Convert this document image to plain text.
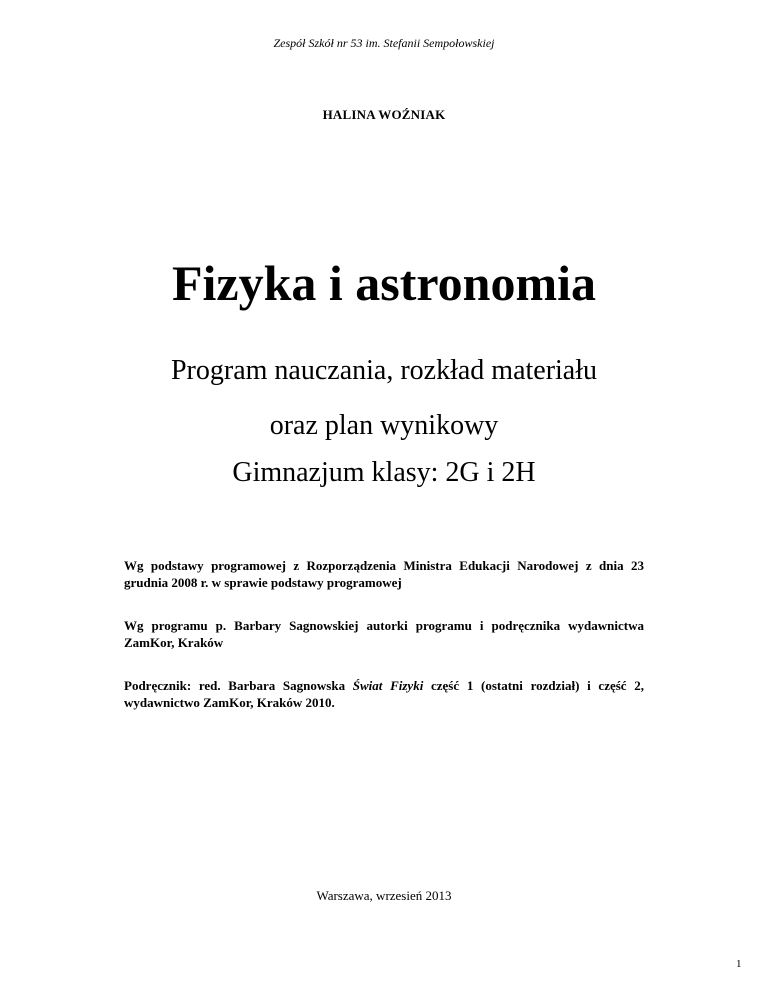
Zespół Szkół nr 53 im. Stefanii Sempołowskiej
HALINA WOŹNIAK
Fizyka i astronomia
Program nauczania, rozkład materiału
oraz plan wynikowy
Gimnazjum klasy: 2G i 2H
Wg podstawy programowej z Rozporządzenia Ministra Edukacji Narodowej z dnia 23 grudnia 2008 r. w sprawie podstawy programowej
Wg programu p. Barbary Sagnowskiej autorki programu i podręcznika wydawnictwa ZamKor, Kraków
Podręcznik: red. Barbara Sagnowska Świat Fizyki część 1 (ostatni rozdział) i część 2, wydawnictwo ZamKor, Kraków 2010.
Warszawa, wrzesień 2013
1
